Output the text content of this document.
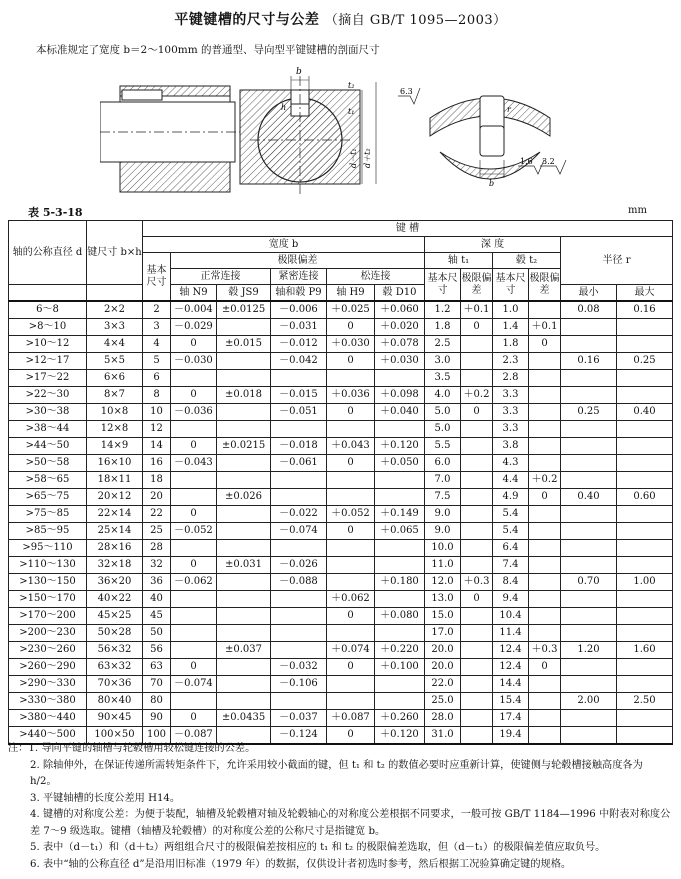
平键键槽的尺寸与公差 （摘自 GB/T 1095—2003）
本标准规定了宽度 b＝2～100mm 的普通型、导向型平键键槽的剖面尺寸
b
h
t₂
t₁
d－t₁ d＋t₂
r
6.3
b
1.6 3.2
表 5-3-18	mm
轴的公称直径 d	键尺寸 b×h	键 槽											
		宽度 b						深 度				半径 r	
		基本尺寸	极限偏差					轴 t₁		毂 t₂			
			正常连接		紧密连接	松连接		基本尺寸	极限偏差	基本尺寸	极限偏差		
			轴 N9	毂 JS9	轴和毂 P9	轴 H9	毂 D10					最小	最大
6～8	2×2	2	－0.004	±0.0125	－0.006	＋0.025	＋0.060	1.2	＋0.1	1.0		0.08	0.16
>8～10	3×3	3	－0.029		－0.031	0	＋0.020	1.8	0	1.4	＋0.1		
>10～12	4×4	4	0	±0.015	－0.012	＋0.030	＋0.078	2.5		1.8	0		
>12～17	5×5	5	－0.030		－0.042	0	＋0.030	3.0		2.3		0.16	0.25
>17～22	6×6	6						3.5		2.8			
>22～30	8×7	8	0	±0.018	－0.015	＋0.036	＋0.098	4.0	＋0.2	3.3			
>30～38	10×8	10	－0.036		－0.051	0	＋0.040	5.0	0	3.3		0.25	0.40
>38～44	12×8	12						5.0		3.3			
>44～50	14×9	14	0	±0.0215	－0.018	＋0.043	＋0.120	5.5		3.8			
>50～58	16×10	16	－0.043		－0.061	0	＋0.050	6.0		4.3			
>58～65	18×11	18						7.0		4.4	＋0.2		
>65～75	20×12	20		±0.026				7.5		4.9	0	0.40	0.60
>75～85	22×14	22	0		－0.022	＋0.052	＋0.149	9.0		5.4			
>85～95	25×14	25	－0.052		－0.074	0	＋0.065	9.0		5.4			
>95～110	28×16	28						10.0		6.4			
>110～130	32×18	32	0	±0.031	－0.026			11.0		7.4			
>130～150	36×20	36	－0.062		－0.088		＋0.180	12.0	＋0.3	8.4		0.70	1.00
>150～170	40×22	40				＋0.062		13.0	0	9.4			
>170～200	45×25	45				0	＋0.080	15.0		10.4			
>200～230	50×28	50						17.0		11.4			
>230～260	56×32	56		±0.037		＋0.074	＋0.220	20.0		12.4	＋0.3	1.20	1.60
>260～290	63×32	63	0		－0.032	0	＋0.100	20.0		12.4	0		
>290～330	70×36	70	－0.074		－0.106			22.0		14.4			
>330～380	80×40	80						25.0		15.4		2.00	2.50
>380～440	90×45	90	0	±0.0435	－0.037	＋0.087	＋0.260	28.0		17.4			
>440～500	100×50	100	－0.087		－0.124	0	＋0.120	31.0		19.4			

注：1. 导向平键的轴槽与轮毂槽用较松键连接的公差。

2. 除轴伸外，在保证传递所需转矩条件下，允许采用较小截面的键，但 t₁ 和 t₂ 的数值必要时应重新计算，使键侧与轮毂槽接触高度各为 h/2。

3. 平键轴槽的长度公差用 H14。

4. 键槽的对称度公差：为便于装配，轴槽及轮毂槽对轴及轮毂轴心的对称度公差根据不同要求，一般可按 GB/T 1184—1996 中附表对称度公差 7～9 级选取。键槽（轴槽及轮毂槽）的对称度公差的公称尺寸是指键宽 b。

5. 表中（d－t₁）和（d＋t₂）两组组合尺寸的极限偏差按相应的 t₁ 和 t₂ 的极限偏差选取，但（d－t₁）的极限偏差值应取负号。

6. 表中“轴的公称直径 d”是沿用旧标准（1979 年）的数据，仅供设计者初选时参考，然后根据工况验算确定键的规格。
